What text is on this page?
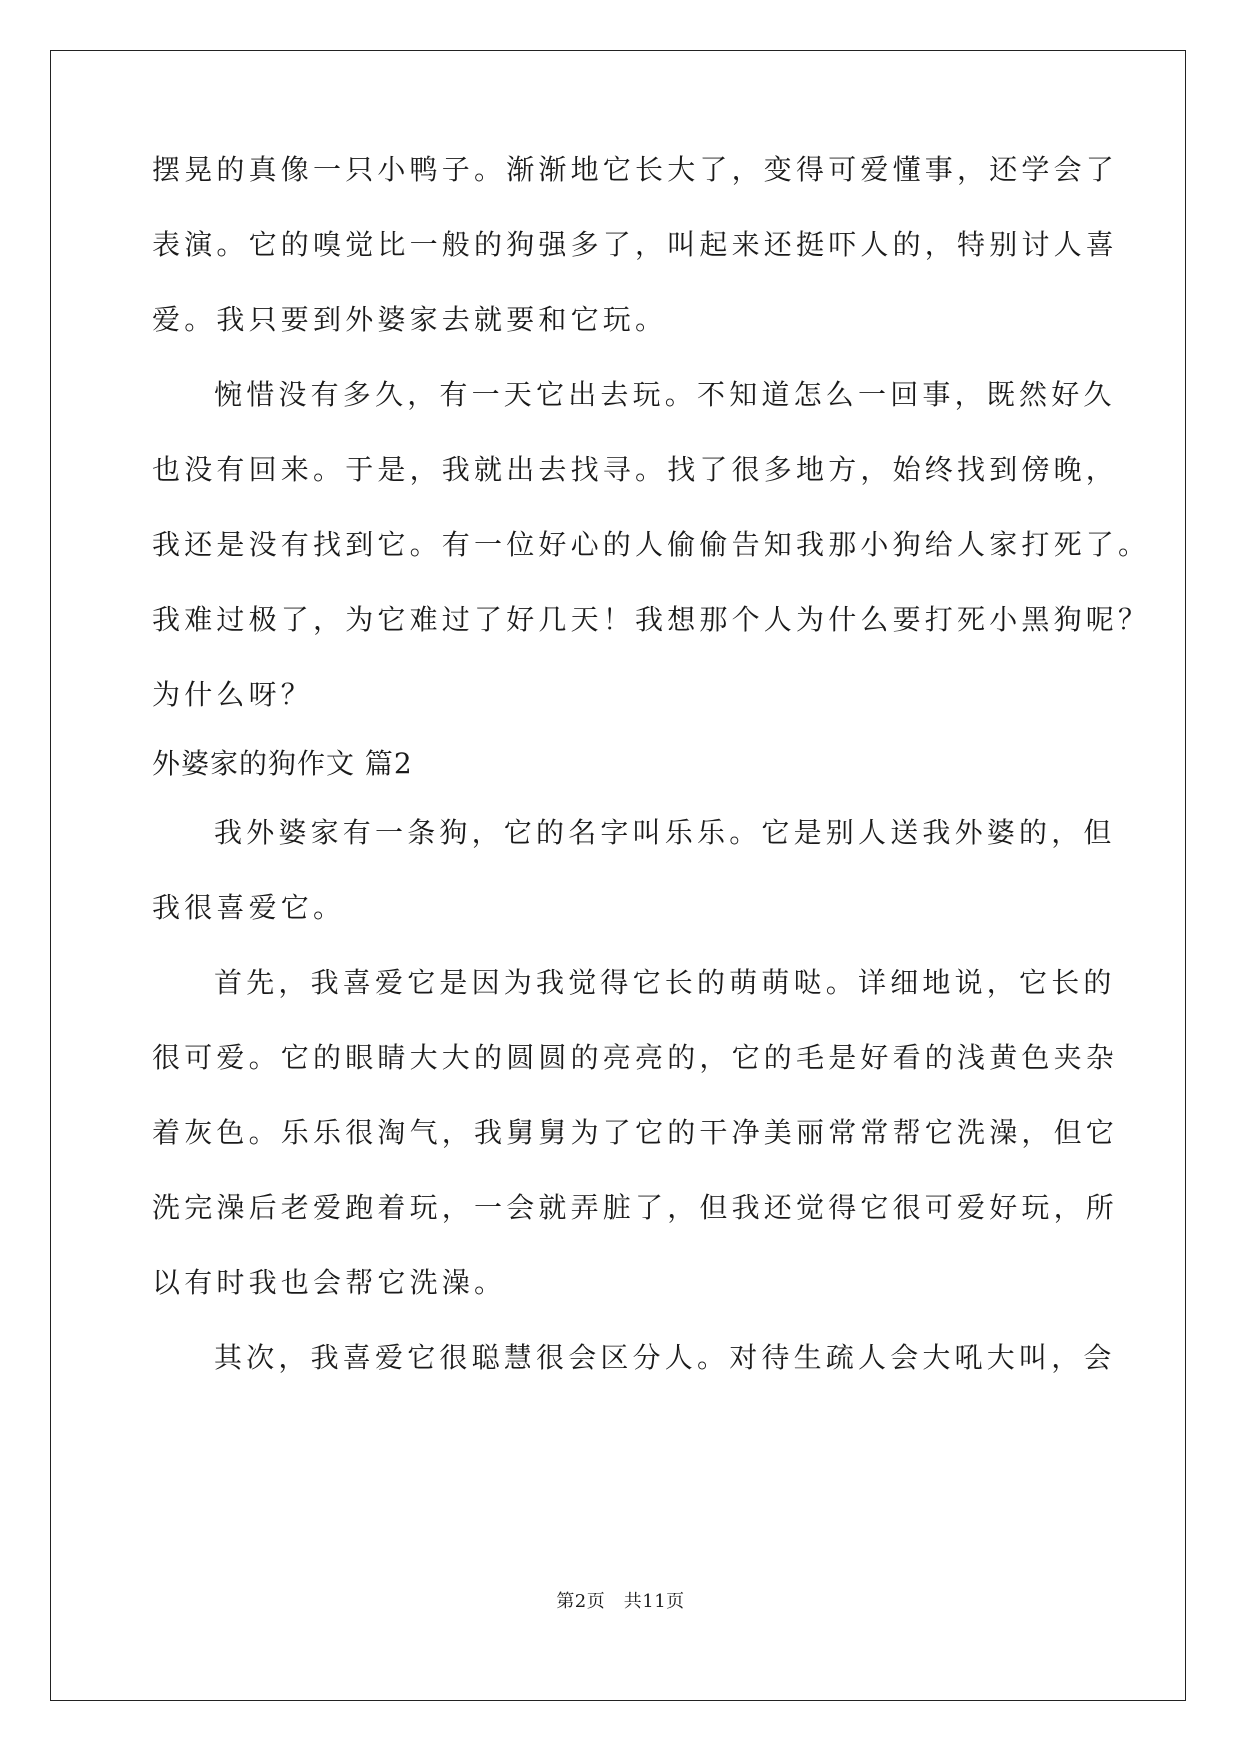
摆晃的真像一只小鸭子。渐渐地它长大了，变得可爱懂事，还学会了
表演。它的嗅觉比一般的狗强多了，叫起来还挺吓人的，特别讨人喜
爱。我只要到外婆家去就要和它玩。
惋惜没有多久，有一天它出去玩。不知道怎么一回事，既然好久
也没有回来。于是，我就出去找寻。找了很多地方，始终找到傍晚，
我还是没有找到它。有一位好心的人偷偷告知我那小狗给人家打死了。
我难过极了，为它难过了好几天！我想那个人为什么要打死小黑狗呢？
为什么呀？
外婆家的狗作文 篇2
我外婆家有一条狗，它的名字叫乐乐。它是别人送我外婆的，但
我很喜爱它。
首先，我喜爱它是因为我觉得它长的萌萌哒。详细地说，它长的
很可爱。它的眼睛大大的圆圆的亮亮的，它的毛是好看的浅黄色夹杂
着灰色。乐乐很淘气，我舅舅为了它的干净美丽常常帮它洗澡，但它
洗完澡后老爱跑着玩，一会就弄脏了，但我还觉得它很可爱好玩，所
以有时我也会帮它洗澡。
其次，我喜爱它很聪慧很会区分人。对待生疏人会大吼大叫，会
第2页　共11页
